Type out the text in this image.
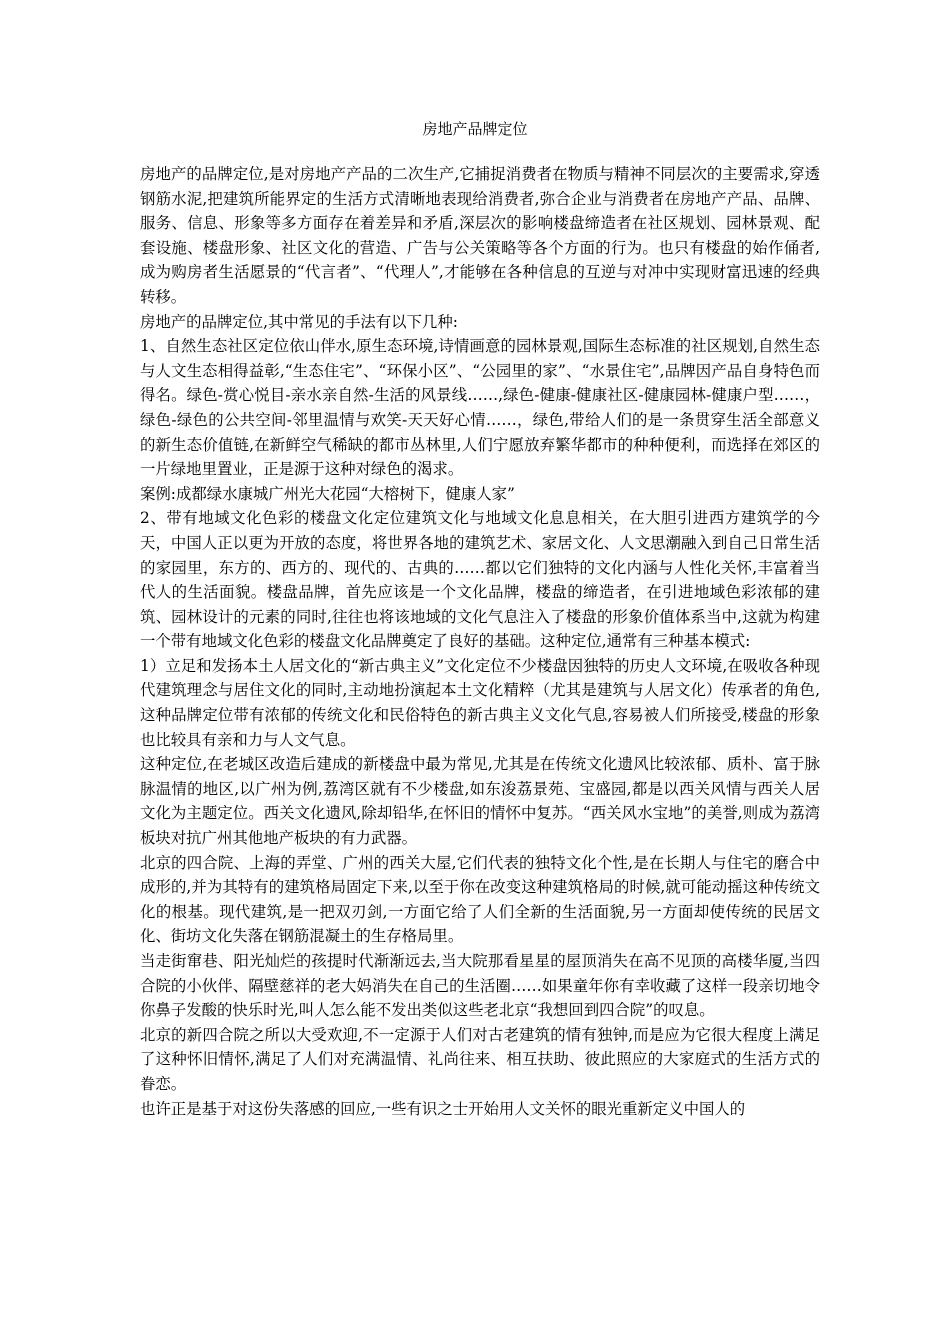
房地产品牌定位

房地产的品牌定位,是对房地产产品的二次生产,它捕捉消费者在物质与精神不同层次的主要需求,穿透钢筋水泥,把建筑所能界定的生活方式清晰地表现给消费者,弥合企业与消费者在房地产产品、品牌、服务、信息、形象等多方面存在着差异和矛盾,深层次的影响楼盘缔造者在社区规划、园林景观、配套设施、楼盘形象、社区文化的营造、广告与公关策略等各个方面的行为。也只有楼盘的始作俑者,成为购房者生活愿景的“代言者”、“代理人”,才能够在各种信息的互逆与对冲中实现财富迅速的经典转移。

房地产的品牌定位,其中常见的手法有以下几种:

1、自然生态社区定位依山伴水,原生态环境,诗情画意的园林景观,国际生态标准的社区规划,自然生态与人文生态相得益彰,“生态住宅”、“环保小区”、“公园里的家”、“水景住宅”,品牌因产品自身特色而得名。绿色-赏心悦目-亲水亲自然-生活的风景线……,绿色-健康-健康社区-健康园林-健康户型……，绿色-绿色的公共空间-邻里温情与欢笑-天天好心情……，绿色,带给人们的是一条贯穿生活全部意义的新生态价值链,在新鲜空气稀缺的都市丛林里,人们宁愿放弃繁华都市的种种便利，而选择在郊区的一片绿地里置业，正是源于这种对绿色的渴求。

案例:成都绿水康城广州光大花园“大榕树下，健康人家”

2、带有地域文化色彩的楼盘文化定位建筑文化与地域文化息息相关，在大胆引进西方建筑学的今天，中国人正以更为开放的态度，将世界各地的建筑艺术、家居文化、人文思潮融入到自己日常生活的家园里，东方的、西方的、现代的、古典的……都以它们独特的文化内涵与人性化关怀,丰富着当代人的生活面貌。楼盘品牌，首先应该是一个文化品牌，楼盘的缔造者，在引进地域色彩浓郁的建筑、园林设计的元素的同时,往往也将该地域的文化气息注入了楼盘的形象价值体系当中,这就为构建一个带有地域文化色彩的楼盘文化品牌奠定了良好的基础。这种定位,通常有三种基本模式:

1）立足和发扬本土人居文化的“新古典主义”文化定位不少楼盘因独特的历史人文环境,在吸收各种现代建筑理念与居住文化的同时,主动地扮演起本土文化精粹（尤其是建筑与人居文化）传承者的角色,这种品牌定位带有浓郁的传统文化和民俗特色的新古典主义文化气息,容易被人们所接受,楼盘的形象也比较具有亲和力与人文气息。

这种定位,在老城区改造后建成的新楼盘中最为常见,尤其是在传统文化遗风比较浓郁、质朴、富于脉脉温情的地区,以广州为例,荔湾区就有不少楼盘,如东浚荔景苑、宝盛园,都是以西关风情与西关人居文化为主题定位。西关文化遗风,除却铅华,在怀旧的情怀中复苏。“西关风水宝地”的美誉,则成为荔湾板块对抗广州其他地产板块的有力武器。

北京的四合院、上海的弄堂、广州的西关大屋,它们代表的独特文化个性,是在长期人与住宅的磨合中成形的,并为其特有的建筑格局固定下来,以至于你在改变这种建筑格局的时候,就可能动摇这种传统文化的根基。现代建筑,是一把双刃剑,一方面它给了人们全新的生活面貌,另一方面却使传统的民居文化、街坊文化失落在钢筋混凝土的生存格局里。

当走街窜巷、阳光灿烂的孩提时代渐渐远去,当大院那看星星的屋顶消失在高不见顶的高楼华厦,当四合院的小伙伴、隔壁慈祥的老大妈消失在自己的生活圈……如果童年你有幸收藏了这样一段亲切地令你鼻子发酸的快乐时光,叫人怎么能不发出类似这些老北京“我想回到四合院”的叹息。

北京的新四合院之所以大受欢迎,不一定源于人们对古老建筑的情有独钟,而是应为它很大程度上满足了这种怀旧情怀,满足了人们对充满温情、礼尚往来、相互扶助、彼此照应的大家庭式的生活方式的眷恋。

也许正是基于对这份失落感的回应,一些有识之士开始用人文关怀的眼光重新定义中国人的
